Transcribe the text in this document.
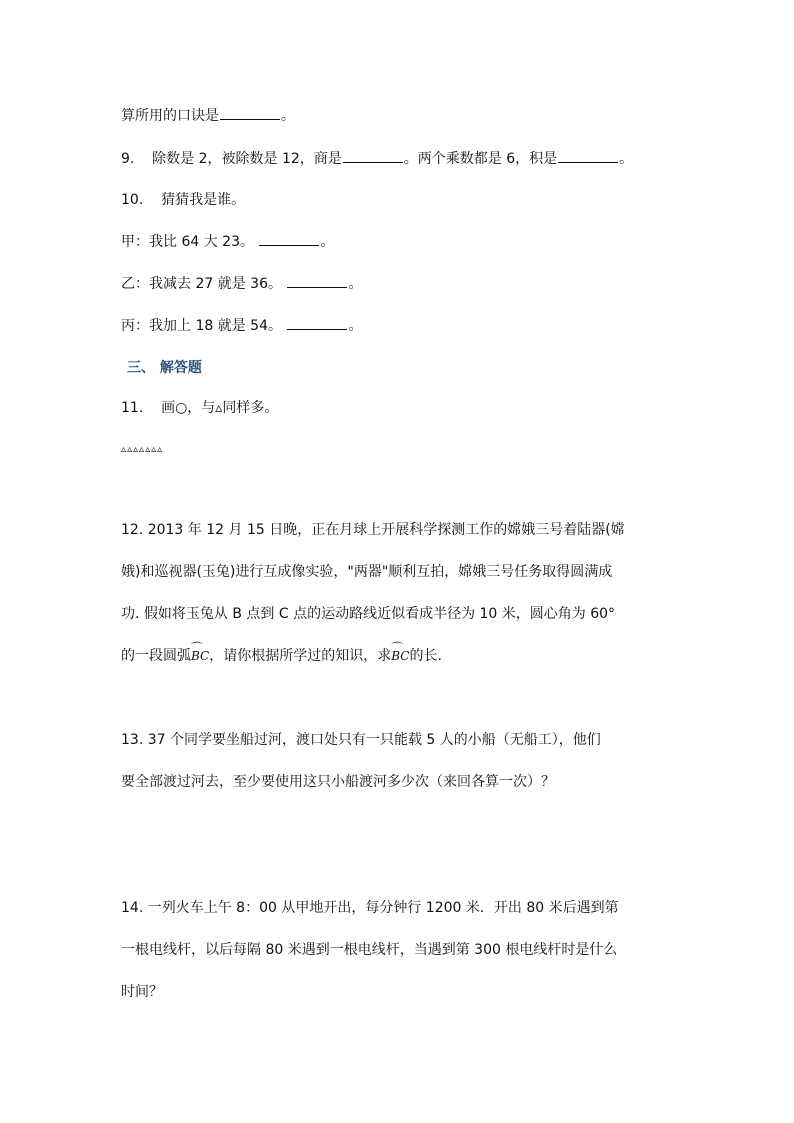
算所用的口诀是	。
9. 除数是 2，被除数是 12，商是	。两个乘数都是 6，积是	。
10. 猜猜我是谁。
甲：我比 64 大 23。	。
乙：我减去 27 就是 36。	。
丙：我加上 18 就是 54。	。
三、 解答题
11. 画○，与▵同样多。
▵▵▵▵▵▵▵
12. 2013 年 12 月 15 日晚，正在月球上开展科学探测工作的嫦娥三号着陆器(嫦
娥)和巡视器(玉兔)进行互成像实验，"两器"顺利互拍，嫦娥三号任务取得圆满成
功. 假如将玉兔从 B 点到 C 点的运动路线近似看成半径为 10 米，圆心角为 60°
的一段圆弧⌒ BC，请你根据所学过的知识，求⌒ BC的长.
13. 37 个同学要坐船过河，渡口处只有一只能载 5 人的小船（无船工），他们
要全部渡过河去，至少要使用这只小船渡河多少次（来回各算一次）？
14. 一列火车上午 8：00 从甲地开出，每分钟行 1200 米．开出 80 米后遇到第
一根电线杆，以后每隔 80 米遇到一根电线杆，当遇到第 300 根电线杆时是什么
时间？
